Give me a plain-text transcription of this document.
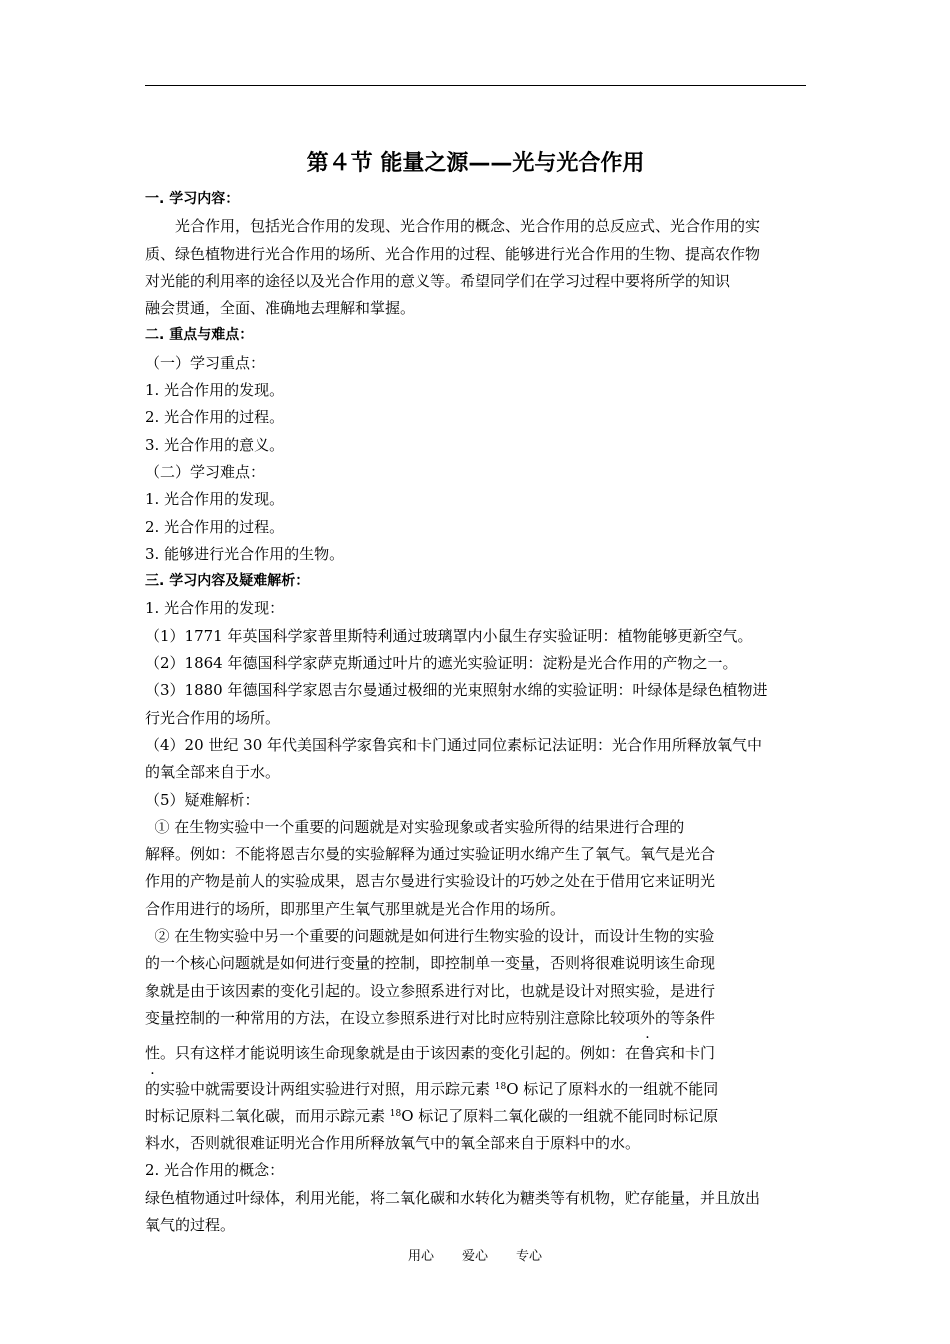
第４节 能量之源——光与光合作用
一. 学习内容：
　　光合作用，包括光合作用的发现、光合作用的概念、光合作用的总反应式、光合作用的实
质、绿色植物进行光合作用的场所、光合作用的过程、能够进行光合作用的生物、提高农作物
对光能的利用率的途径以及光合作用的意义等。希望同学们在学习过程中要将所学的知识
融会贯通，全面、准确地去理解和掌握。
二. 重点与难点：
（一）学习重点：
1. 光合作用的发现。
2. 光合作用的过程。
3. 光合作用的意义。
（二）学习难点：
1. 光合作用的发现。
2. 光合作用的过程。
3. 能够进行光合作用的生物。
三. 学习内容及疑难解析：
1. 光合作用的发现：
（1）1771 年英国科学家普里斯特利通过玻璃罩内小鼠生存实验证明：植物能够更新空气。
（2）1864 年德国科学家萨克斯通过叶片的遮光实验证明：淀粉是光合作用的产物之一。
（3）1880 年德国科学家恩吉尔曼通过极细的光束照射水绵的实验证明：叶绿体是绿色植物进
行光合作用的场所。
（4）20 世纪 30 年代美国科学家鲁宾和卡门通过同位素标记法证明：光合作用所释放氧气中
的氧全部来自于水。
（5）疑难解析：
① 在生物实验中一个重要的问题就是对实验现象或者实验所得的结果进行合理的
解释。例如：不能将恩吉尔曼的实验解释为通过实验证明水绵产生了氧气。氧气是光合
作用的产物是前人的实验成果，恩吉尔曼进行实验设计的巧妙之处在于借用它来证明光
合作用进行的场所，即那里产生氧气那里就是光合作用的场所。
② 在生物实验中另一个重要的问题就是如何进行生物实验的设计，而设计生物的实验
的一个核心问题就是如何进行变量的控制，即控制单一变量，否则将很难说明该生命现
象就是由于该因素的变化引起的。设立参照系进行对比，也就是设计对照实验，是进行
变量控制的一种常用的方法，在设立参照系进行对比时应特别注意除比较项外的等条件 ·
性。只有这样才能说明该生命现象就是由于该因素的变化引起的。例如：在鲁宾和卡门
的实验中就需要设计两组实验进行对照，用示踪元素 $^{18}$O 标记了原料水的一组就不能同
时标记原料二氧化碳，而用示踪元素 $^{18}$O 标记了原料二氧化碳的一组就不能同时标记原
料水，否则就很难证明光合作用所释放氧气中的氧全部来自于原料中的水。
2. 光合作用的概念：
绿色植物通过叶绿体，利用光能，将二氧化碳和水转化为糖类等有机物，贮存能量，并且放出
氧气的过程。
用心 爱心 专心
